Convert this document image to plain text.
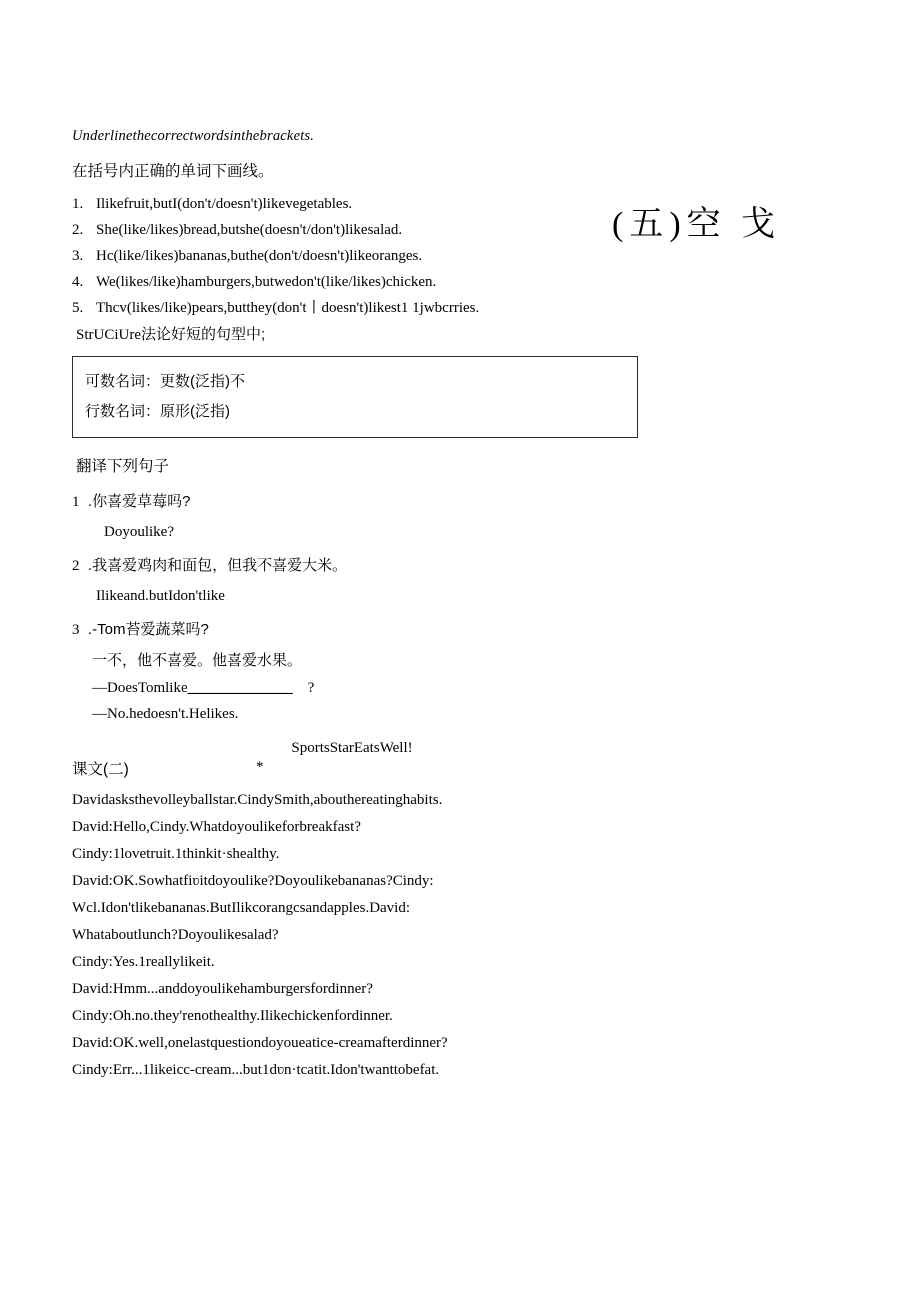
(五)空 戈

Underlinethecorrectwordsinthebrackets.

在括号内正确的单词下画线。

1. Ilikefruit,butI(don't/doesn't)likevegetables.
2. She(like/likes)bread,butshe(doesn't/don't)likesalad.
3. Hc(like/likes)bananas,buthe(don't/doesn't)likeoranges.
4. We(likes/like)hamburgers,butwedon't(like/likes)chicken.
5. Thcv(likes/like)pears,butthey(don't丨doesn't)likest1 1jwbcrries.

StrUCiUre法论好短的句型中;

可数名词：更数(泛指)不
行数名词：原形(泛指)

翻译下列句子

1 .你喜爱草莓吗?

Doyoulike?

2 .我喜爱鸡肉和面包，但我不喜爱大米。

Ilikeand.butIdon'tlike

3 .-Tom苔爱蔬菜吗?

一不，他不喜爱。他喜爱水果。

—DoesTomlike______________ ?

—No.hedoesn't.Helikes.

SportsStarEatsWell!

课文(二)	*

Davidasksthevolleyballstar.CindySmith,abouthereatinghabits.

David:Hello,Cindy.Whatdoyoulikeforbreakfast?

Cindy:1lovetruit.1thinkit·shealthy.

David:OK.Sowhatfiʋitdoyoulike?Doyoulikebananas?Cindy:

Wcl.Idon'tlikebananas.ButIlikcorangcsandapples.David:

Whataboutlunch?Doyoulikesalad?

Cindy:Yes.1reallylikeit.

David:Hmm...anddoyoulikehamburgersfordinner?

Cindy:Oh.no.they'renothealthy.Ilikechickenfordinner.

David:OK.well,onelastquestiondoyoueatice-creamafterdinner?

Cindy:Err...1likeicc-cream...but1dʋn·tcatit.Idon'twanttobefat.
